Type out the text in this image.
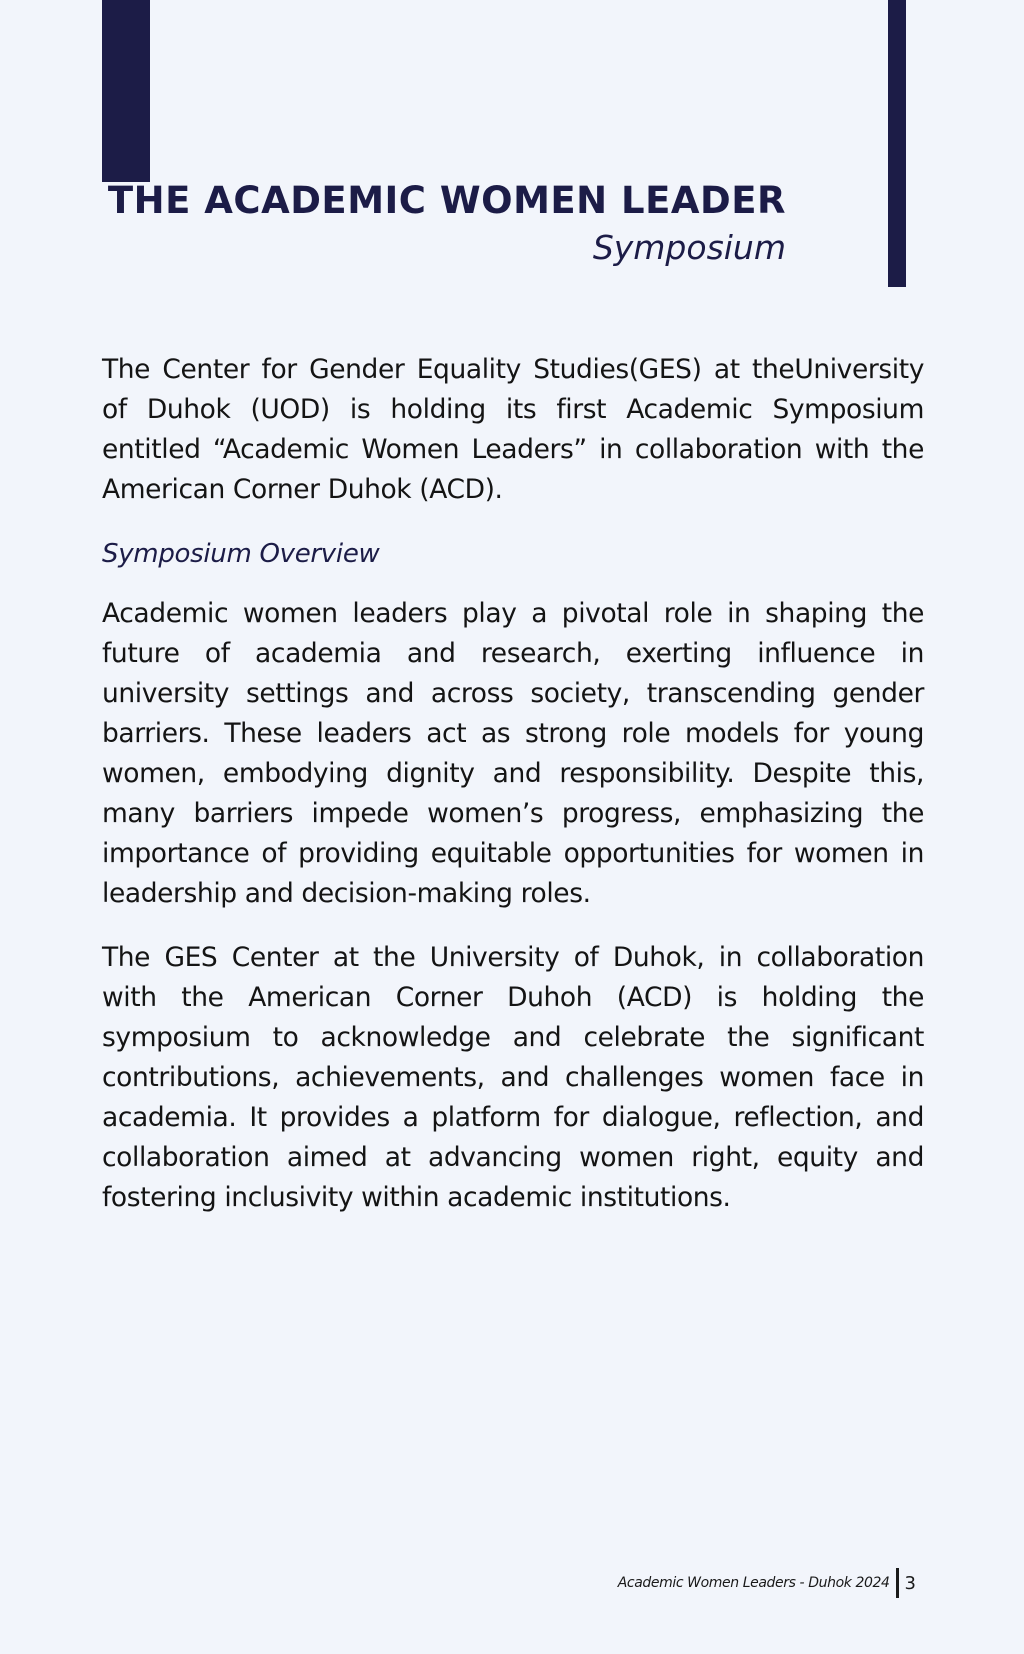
THE ACADEMIC WOMEN LEADER
Symposium

The Center for Gender Equality Studies(GES) at theUniversity of Duhok (UOD) is holding its first Academic Symposium entitled “Academic Women Leaders” in collaboration with the American Corner Duhok (ACD).

Symposium Overview

Academic women leaders play a pivotal role in shaping the future of academia and research, exerting influence in university settings and across society, transcending gender barriers. These leaders act as strong role models for young women, embodying dignity and responsibility. Despite this, many barriers impede women’s progress, emphasizing the importance of providing equitable opportunities for women in leadership and decision-making roles.

The GES Center at the University of Duhok, in collaboration with the American Corner Duhoh (ACD) is holding the symposium to acknowledge and celebrate the significant contributions, achievements, and challenges women face in academia. It provides a platform for dialogue, reflection, and collaboration aimed at advancing women right, equity and fostering inclusivity within academic institutions.

Academic Women Leaders - Duhok 2024 3
